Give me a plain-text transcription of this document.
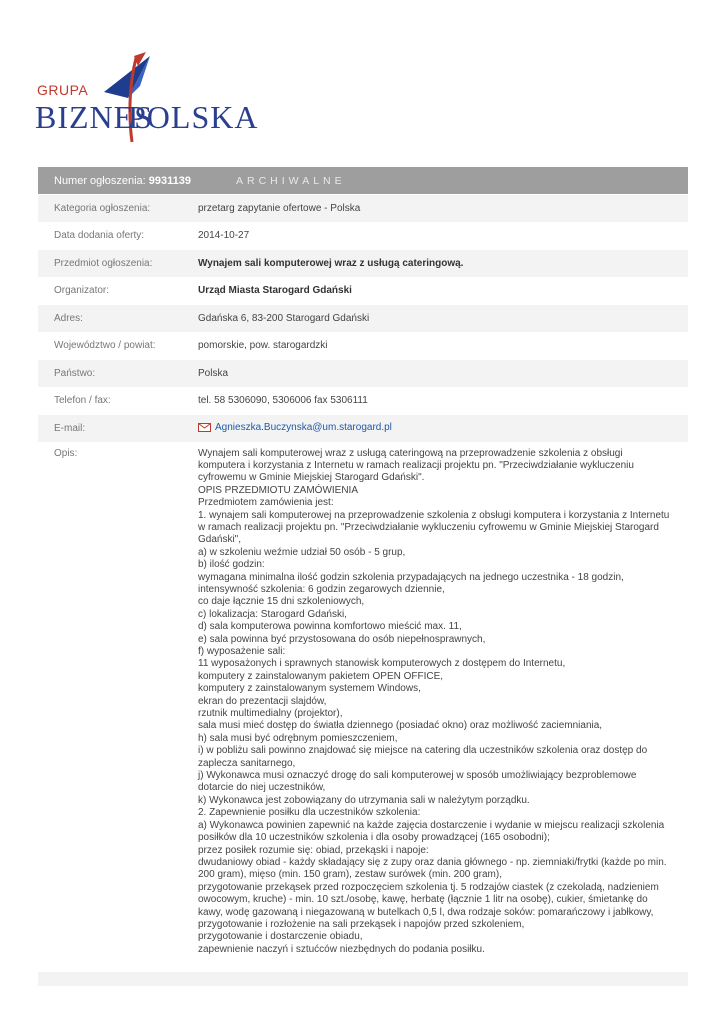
GRUPA
BIZNES
POLSKA
Numer ogłoszenia: 9931139	ARCHIWALNE
Kategoria ogłoszenia:	przetarg zapytanie ofertowe - Polska
Data dodania oferty:	2014-10-27
Przedmiot ogłoszenia:	Wynajem sali komputerowej wraz z usługą cateringową.
Organizator:	Urząd Miasta Starogard Gdański
Adres:	Gdańska 6, 83-200 Starogard Gdański
Województwo / powiat:	pomorskie, pow. starogardzki
Państwo:	Polska
Telefon / fax:	tel. 58 5306090, 5306006 fax 5306111
E-mail:	Agnieszka.Buczynska@um.starogard.pl
Opis:	Wynajem sali komputerowej wraz z usługą cateringową na przeprowadzenie szkolenia z obsługi
komputera i korzystania z Internetu w ramach realizacji projektu pn. "Przeciwdziałanie wykluczeniu
cyfrowemu w Gminie Miejskiej Starogard Gdański".
OPIS PRZEDMIOTU ZAMÓWIENIA
Przedmiotem zamówienia jest:
1. wynajem sali komputerowej na przeprowadzenie szkolenia z obsługi komputera i korzystania z Internetu
w ramach realizacji projektu pn. "Przeciwdziałanie wykluczeniu cyfrowemu w Gminie Miejskiej Starogard
Gdański",
a) w szkoleniu weźmie udział 50 osób - 5 grup,
b) ilość godzin:
wymagana minimalna ilość godzin szkolenia przypadających na jednego uczestnika - 18 godzin,
intensywność szkolenia: 6 godzin zegarowych dziennie,
co daje łącznie 15 dni szkoleniowych,
c) lokalizacja: Starogard Gdański,
d) sala komputerowa powinna komfortowo mieścić max. 11,
e) sala powinna być przystosowana do osób niepełnosprawnych,
f) wyposażenie sali:
11 wyposażonych i sprawnych stanowisk komputerowych z dostępem do Internetu,
komputery z zainstalowanym pakietem OPEN OFFICE,
komputery z zainstalowanym systemem Windows,
ekran do prezentacji slajdów,
rzutnik multimedialny (projektor),
sala musi mieć dostęp do światła dziennego (posiadać okno) oraz możliwość zaciemniania,
h) sala musi być odrębnym pomieszczeniem,
i) w pobliżu sali powinno znajdować się miejsce na catering dla uczestników szkolenia oraz dostęp do
zaplecza sanitarnego,
j) Wykonawca musi oznaczyć drogę do sali komputerowej w sposób umożliwiający bezproblemowe
dotarcie do niej uczestników,
k) Wykonawca jest zobowiązany do utrzymania sali w należytym porządku.
2. Zapewnienie posiłku dla uczestników szkolenia:
a) Wykonawca powinien zapewnić na każde zajęcia dostarczenie i wydanie w miejscu realizacji szkolenia
posiłków dla 10 uczestników szkolenia i dla osoby prowadzącej (165 osobodni);
przez posiłek rozumie się: obiad, przekąski i napoje:
dwudaniowy obiad - każdy składający się z zupy oraz dania głównego - np. ziemniaki/frytki (każde po min.
200 gram), mięso (min. 150 gram), zestaw surówek (min. 200 gram),
przygotowanie przekąsek przed rozpoczęciem szkolenia tj. 5 rodzajów ciastek (z czekoladą, nadzieniem
owocowym, kruche) - min. 10 szt./osobę, kawę, herbatę (łącznie 1 litr na osobę), cukier, śmietankę do
kawy, wodę gazowaną i niegazowaną w butelkach 0,5 l, dwa rodzaje soków: pomarańczowy i jabłkowy,
przygotowanie i rozłożenie na sali przekąsek i napojów przed szkoleniem,
przygotowanie i dostarczenie obiadu,
zapewnienie naczyń i sztućców niezbędnych do podania posiłku.
